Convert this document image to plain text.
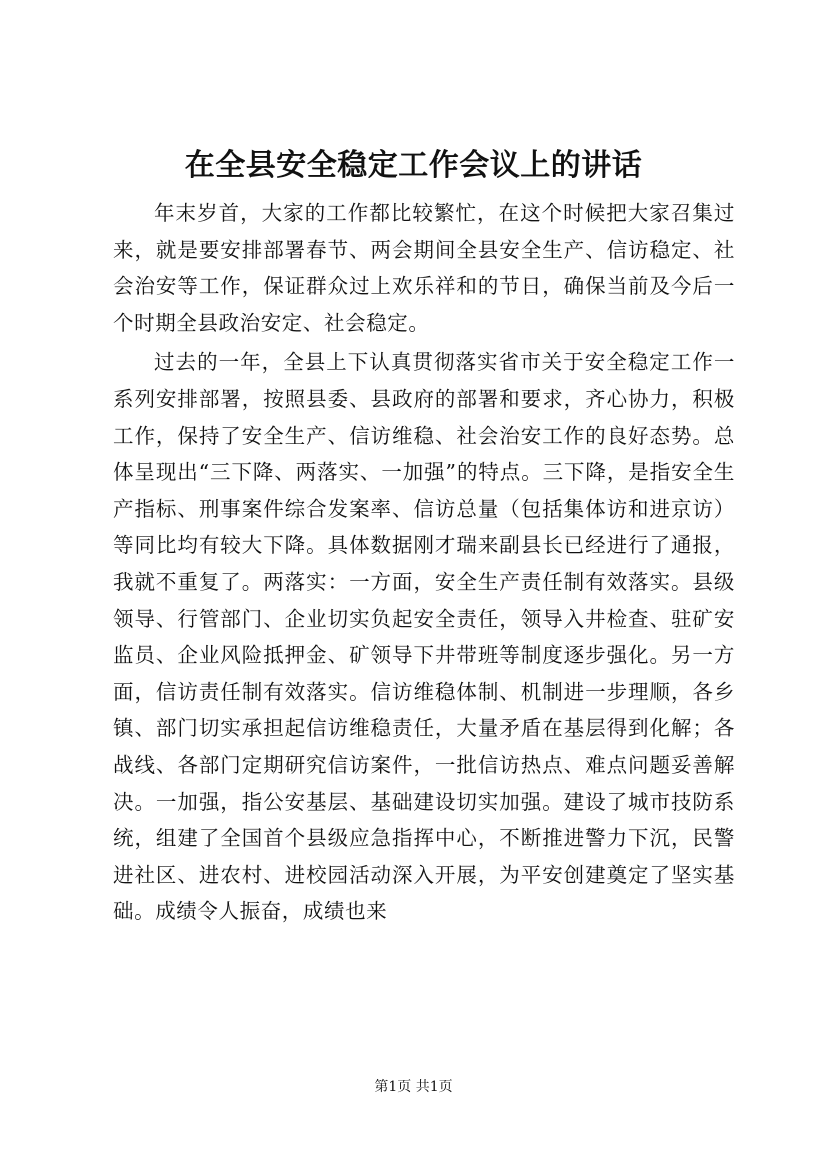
在全县安全稳定工作会议上的讲话

年末岁首，大家的工作都比较繁忙，在这个时候把大家召集过来，就是要安排部署春节、两会期间全县安全生产、信访稳定、社会治安等工作，保证群众过上欢乐祥和的节日，确保当前及今后一个时期全县政治安定、社会稳定。

过去的一年，全县上下认真贯彻落实省市关于安全稳定工作一系列安排部署，按照县委、县政府的部署和要求，齐心协力，积极工作，保持了安全生产、信访维稳、社会治安工作的良好态势。总体呈现出“三下降、两落实、一加强”的特点。三下降，是指安全生产指标、刑事案件综合发案率、信访总量（包括集体访和进京访）等同比均有较大下降。具体数据刚才瑞来副县长已经进行了通报，我就不重复了。两落实：一方面，安全生产责任制有效落实。县级领导、行管部门、企业切实负起安全责任，领导入井检查、驻矿安监员、企业风险抵押金、矿领导下井带班等制度逐步强化。另一方面，信访责任制有效落实。信访维稳体制、机制进一步理顺，各乡镇、部门切实承担起信访维稳责任，大量矛盾在基层得到化解；各战线、各部门定期研究信访案件，一批信访热点、难点问题妥善解决。一加强，指公安基层、基础建设切实加强。建设了城市技防系统，组建了全国首个县级应急指挥中心，不断推进警力下沉，民警进社区、进农村、进校园活动深入开展，为平安创建奠定了坚实基础。成绩令人振奋，成绩也来

第1页 共1页
